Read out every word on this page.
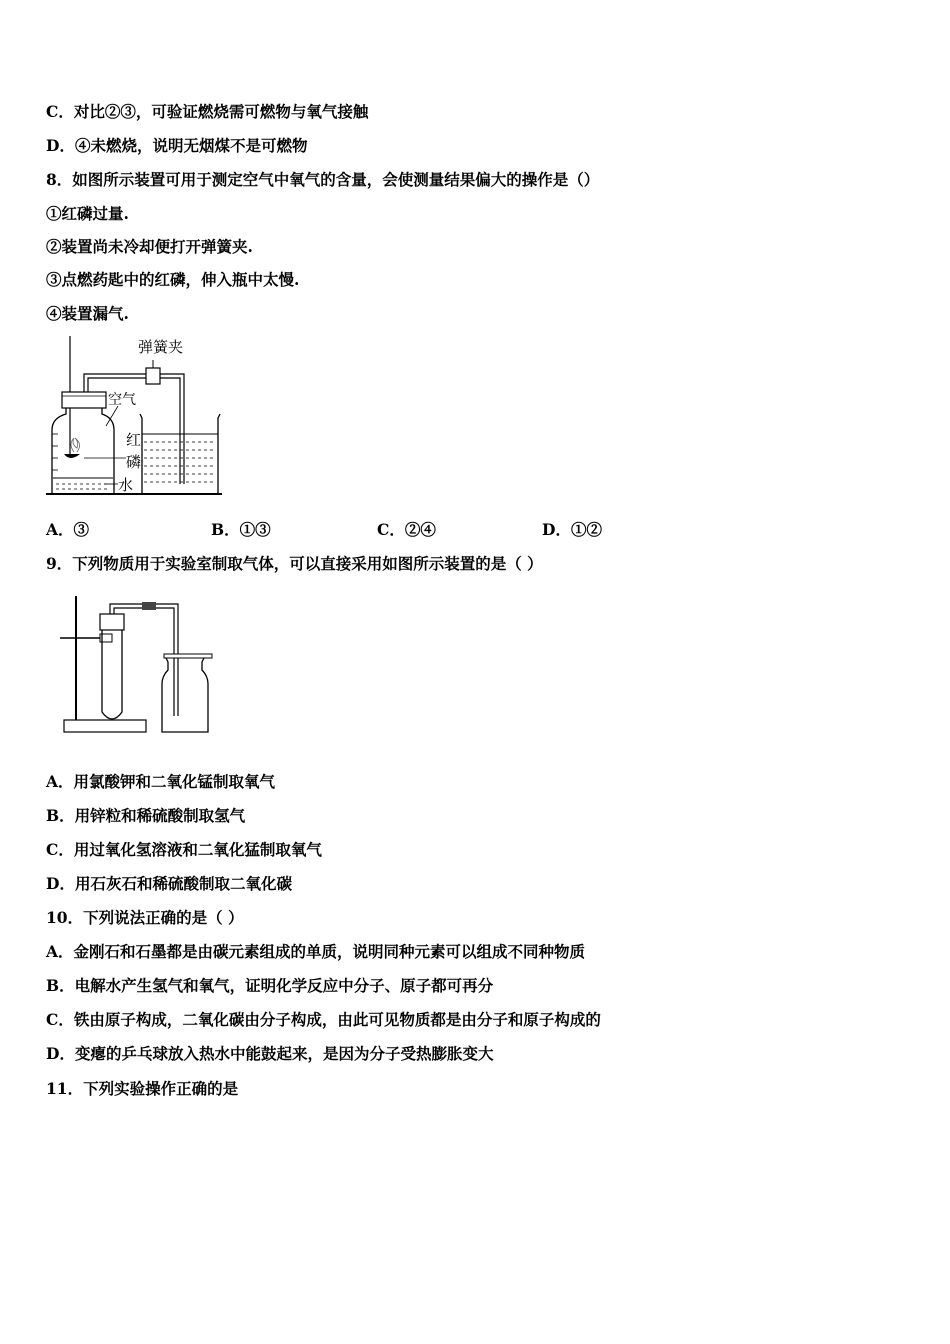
C．对比②③，可验证燃烧需可燃物与氧气接触
D．④未燃烧，说明无烟煤不是可燃物
8．如图所示装置可用于测定空气中氧气的含量，会使测量结果偏大的操作是（）
①红磷过量.
②装置尚未冷却便打开弹簧夹.
③点燃药匙中的红磷，伸入瓶中太慢.
④装置漏气.
弹簧夹
空气
红
磷
水
A．③	B．①③	C．②④	D．①②
9．下列物质用于实验室制取气体，可以直接采用如图所示装置的是（ ）
A．用氯酸钾和二氧化锰制取氧气
B．用锌粒和稀硫酸制取氢气
C．用过氧化氢溶液和二氧化猛制取氧气
D．用石灰石和稀硫酸制取二氧化碳
10．下列说法正确的是（ ）
A．金刚石和石墨都是由碳元素组成的单质，说明同种元素可以组成不同种物质
B．电解水产生氢气和氧气，证明化学反应中分子、原子都可再分
C．铁由原子构成，二氧化碳由分子构成，由此可见物质都是由分子和原子构成的
D．变瘪的乒乓球放入热水中能鼓起来，是因为分子受热膨胀变大
11．下列实验操作正确的是
